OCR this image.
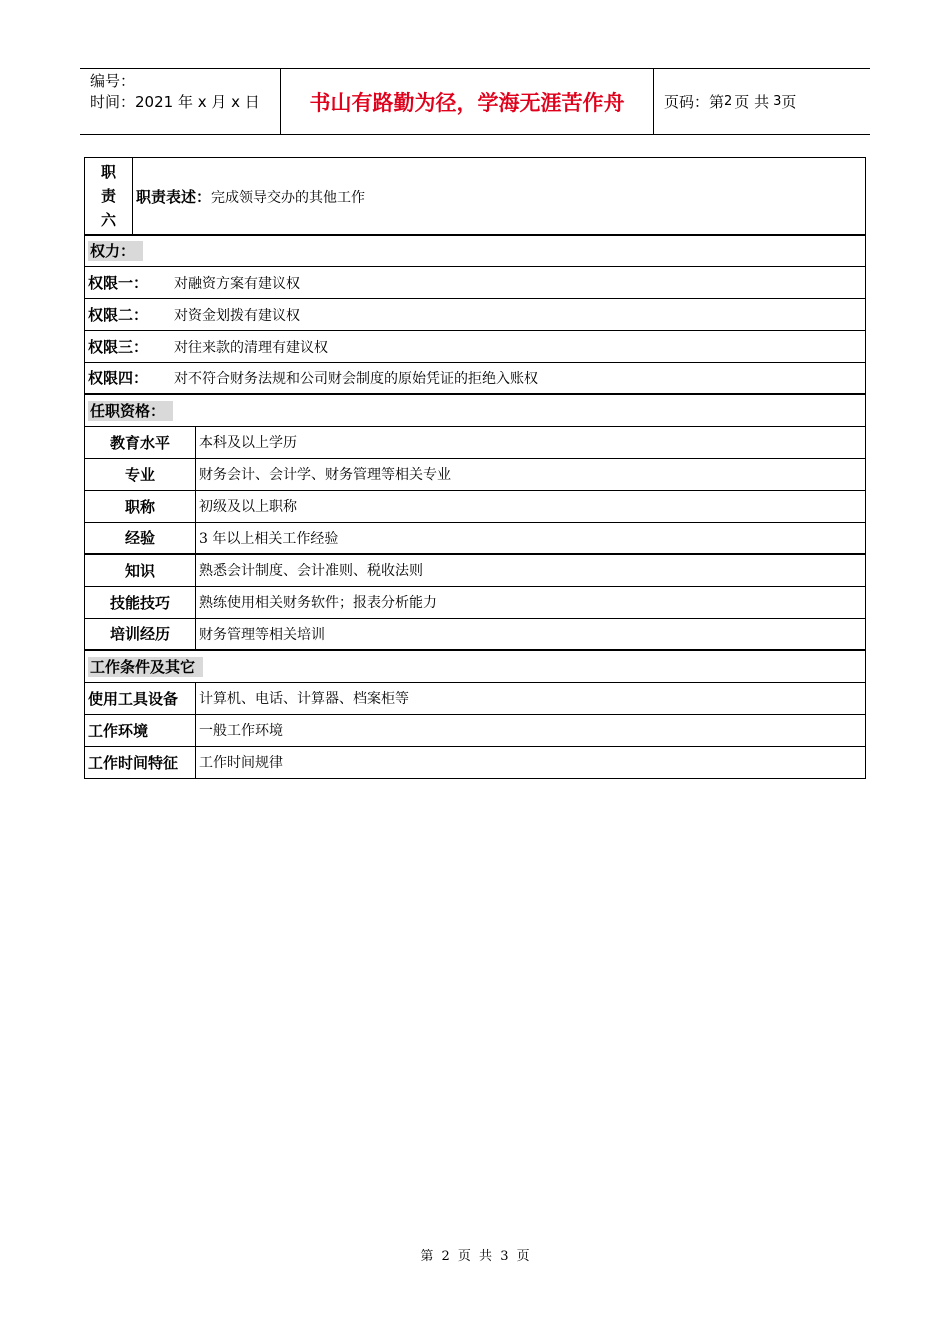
编号：
时间：2021 年 x 月 x 日	书山有路勤为径，学海无涯苦作舟	页码：第 2 页 共 3 页
职
责
六	职责表述：完成领导交办的其他工作	
权力：		
权限一： 对融资方案有建议权		
权限二： 对资金划拨有建议权		
权限三： 对往来款的清理有建议权		
权限四： 对不符合财务法规和公司财会制度的原始凭证的拒绝入账权		
任职资格：		
教育水平		本科及以上学历
专业		财务会计、会计学、财务管理等相关专业
职称		初级及以上职称
经验		3 年以上相关工作经验
知识		熟悉会计制度、会计准则、税收法则
技能技巧		熟练使用相关财务软件；报表分析能力
培训经历		财务管理等相关培训
工作条件及其它		
使用工具设备		计算机、电话、计算器、档案柜等
工作环境		一般工作环境
工作时间特征		工作时间规律
第 2 页 共 3 页
